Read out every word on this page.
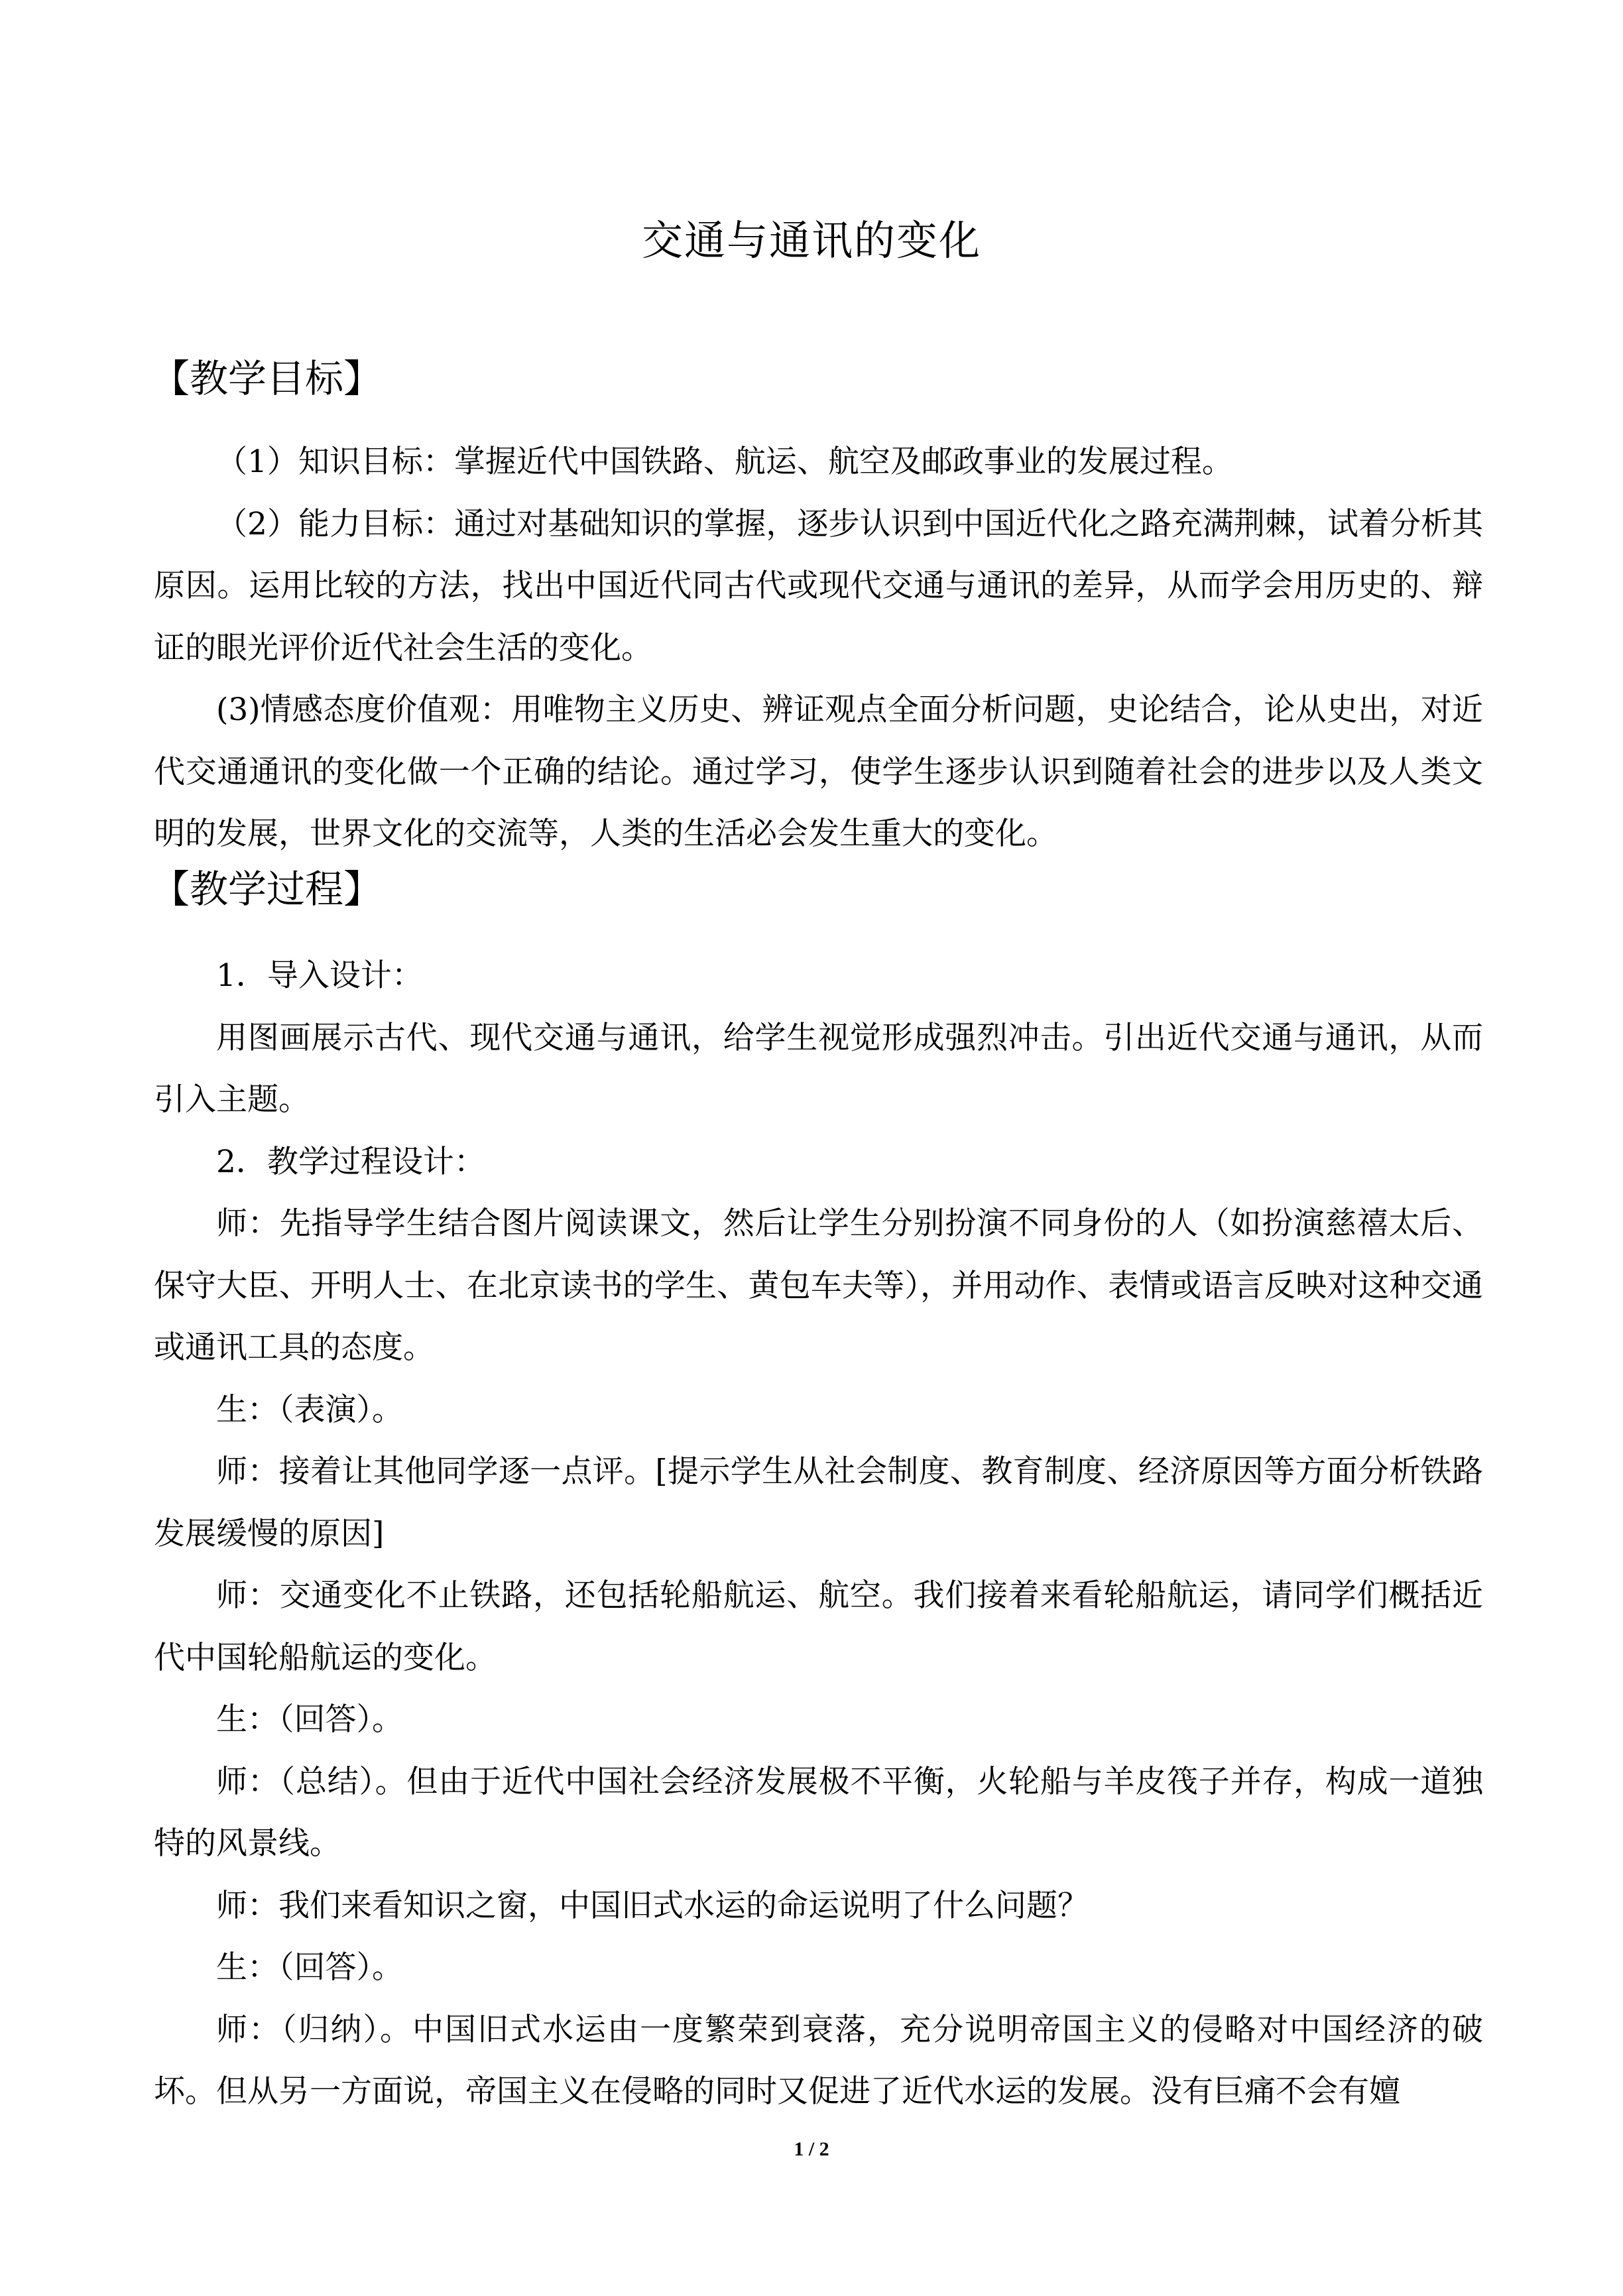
交通与通讯的变化
【教学目标】

（1）知识目标：掌握近代中国铁路、航运、航空及邮政事业的发展过程。

（2）能力目标：通过对基础知识的掌握，逐步认识到中国近代化之路充满荆棘，试着分析其原因。运用比较的方法，找出中国近代同古代或现代交通与通讯的差异，从而学会用历史的、辩证的眼光评价近代社会生活的变化。

(3)情感态度价值观：用唯物主义历史、辨证观点全面分析问题，史论结合，论从史出，对近代交通通讯的变化做一个正确的结论。通过学习，使学生逐步认识到随着社会的进步以及人类文明的发展，世界文化的交流等，人类的生活必会发生重大的变化。

【教学过程】

1．导入设计：

用图画展示古代、现代交通与通讯，给学生视觉形成强烈冲击。引出近代交通与通讯，从而引入主题。

2．教学过程设计：

师：先指导学生结合图片阅读课文，然后让学生分别扮演不同身份的人（如扮演慈禧太后、保守大臣、开明人士、在北京读书的学生、黄包车夫等），并用动作、表情或语言反映对这种交通或通讯工具的态度。

生：（表演）。

师：接着让其他同学逐一点评。[提示学生从社会制度、教育制度、经济原因等方面分析铁路发展缓慢的原因]

师：交通变化不止铁路，还包括轮船航运、航空。我们接着来看轮船航运，请同学们概括近代中国轮船航运的变化。

生：（回答）。

师：（总结）。但由于近代中国社会经济发展极不平衡，火轮船与羊皮筏子并存，构成一道独特的风景线。

师：我们来看知识之窗，中国旧式水运的命运说明了什么问题？

生：（回答）。

师：（归纳）。中国旧式水运由一度繁荣到衰落，充分说明帝国主义的侵略对中国经济的破坏。但从另一方面说，帝国主义在侵略的同时又促进了近代水运的发展。没有巨痛不会有嬗

1 / 2
